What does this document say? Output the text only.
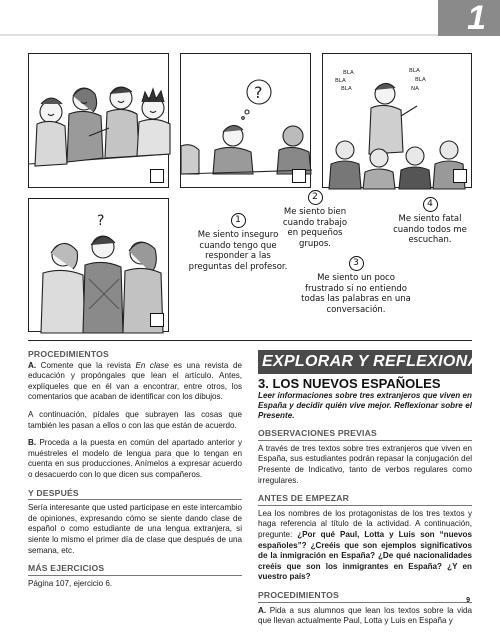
1
?
BLA
BLA
BLA
BLA
BLA
NA
?	1
Me siento inseguro cuando tengo que responder a las preguntas del profesor.
2
Me siento bien cuando trabajo en pequeños grupos.
3
Me siento un poco frustrado si no entiendo todas las palabras en una conversación.
4
Me siento fatal cuando todos me escuchan.
PROCEDIMIENTOS

A. Comente que la revista En clase es una revista de educación y propóngales que lean el artículo. Antes, explíqueles que en él van a encontrar, entre otros, los comentarios que acaban de identificar con los dibujos.

A continuación, pídales que subrayen las cosas que también les pasan a ellos o con las que están de acuerdo.

B. Proceda a la puesta en común del apartado anterior y muéstreles el modelo de lengua para que lo tengan en cuenta en sus producciones. Anímelos a expresar acuerdo o desacuerdo con lo que dicen sus compañeros.

Y DESPUÉS

Sería interesante que usted participase en este intercambio de opiniones, expresando cómo se siente dando clase de español o como estudiante de una lengua extranjera, si siente lo mismo el primer día de clase que después de una semana, etc.

MÁS EJERCICIOS

Página 107, ejercicio 6.

EXPLORAR Y REFLEXIONAR
3. LOS NUEVOS ESPAÑOLES

Leer informaciones sobre tres extranjeros que viven en España y decidir quién vive mejor. Reflexionar sobre el Presente.

OBSERVACIONES PREVIAS

A través de tres textos sobre tres extranjeros que viven en España, sus estudiantes podrán repasar la conjugación del Presente de Indicativo, tanto de verbos regulares como irregulares.

ANTES DE EMPEZAR

Lea los nombres de los protagonistas de los tres textos y haga referencia al título de la actividad. A continuación, pregunte: ¿Por qué Paul, Lotta y Luis son “nuevos españoles”? ¿Creéis que son ejemplos significativos de la inmigración en España? ¿De qué nacionalidades creéis que son los inmigrantes en España? ¿Y en vuestro país?

PROCEDIMIENTOS

A. Pida a sus alumnos que lean los textos sobre la vida que llevan actualmente Paul, Lotta y Luis en España y

9
